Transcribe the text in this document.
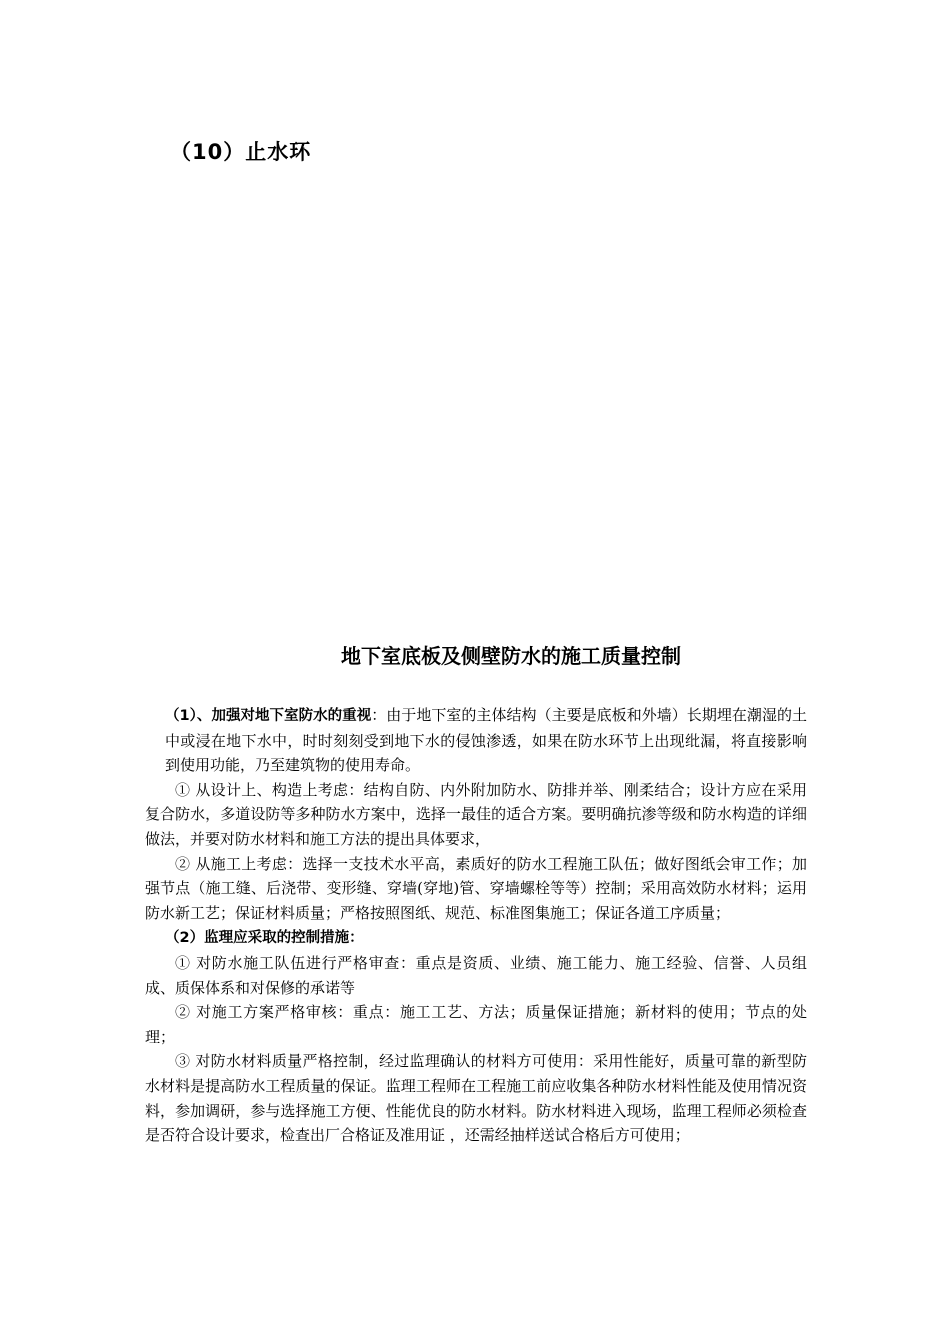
（10）止水环
地下室底板及侧壁防水的施工质量控制

（1）、加强对地下室防水的重视：由于地下室的主体结构（主要是底板和外墙）长期埋在潮湿的土中或浸在地下水中，时时刻刻受到地下水的侵蚀渗透，如果在防水环节上出现纰漏，将直接影响到使用功能，乃至建筑物的使用寿命。

① 从设计上、构造上考虑：结构自防、内外附加防水、防排并举、刚柔结合；设计方应在采用复合防水，多道设防等多种防水方案中，选择一最佳的适合方案。要明确抗渗等级和防水构造的详细做法，并要对防水材料和施工方法的提出具体要求，

② 从施工上考虑：选择一支技术水平高，素质好的防水工程施工队伍；做好图纸会审工作；加强节点（施工缝、后浇带、变形缝、穿墙(穿地)管、穿墙螺栓等等）控制；采用高效防水材料；运用防水新工艺；保证材料质量；严格按照图纸、规范、标准图集施工；保证各道工序质量；

（2）监理应采取的控制措施：

① 对防水施工队伍进行严格审查：重点是资质、业绩、施工能力、施工经验、信誉、人员组成、质保体系和对保修的承诺等

② 对施工方案严格审核：重点：施工工艺、方法；质量保证措施；新材料的使用；节点的处理；

③ 对防水材料质量严格控制，经过监理确认的材料方可使用：采用性能好，质量可靠的新型防水材料是提高防水工程质量的保证。监理工程师在工程施工前应收集各种防水材料性能及使用情况资料，参加调研，参与选择施工方便、性能优良的防水材料。防水材料进入现场，监理工程师必须检查是否符合设计要求，检查出厂合格证及准用证 ，还需经抽样送试合格后方可使用；
